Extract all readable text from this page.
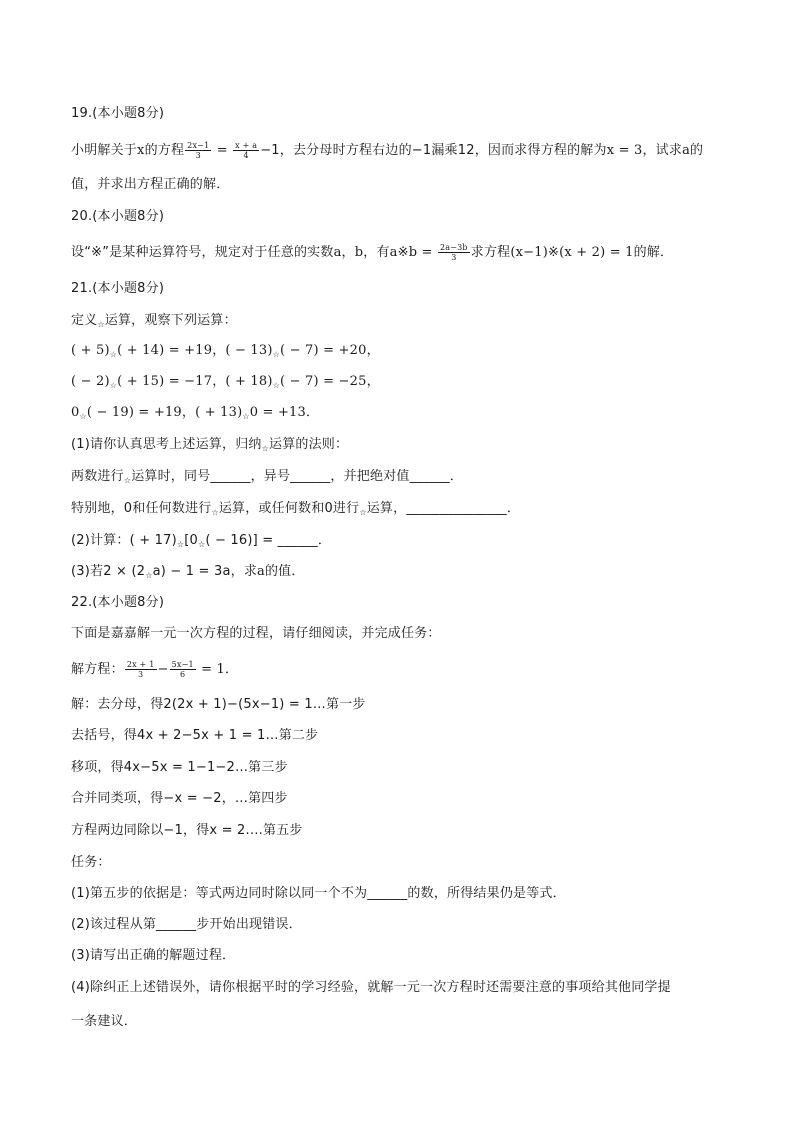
19.(本小题8分)
小明解关于x的方程 $\frac{2x-1}{3} = \frac{x + a}{4} -1$，去分母时方程右边的−1漏乘12，因而求得方程的解为x = 3，试求a的
值，并求出方程正确的解．
20.(本小题8分)
设“※”是某种运算符号，规定对于任意的实数a，b，有a※b = $\frac{2a-3b}{3}$ 求方程(x−1)※(x + 2) = 1的解．
21.(本小题8分)
定义$_☆$运算，观察下列运算：
( + $5)_☆( + 14) = +19$，( − $13)_☆( - 7) = +20$，
( − $2)_☆( + 15) = -17$，( + $18)_☆( - 7) = -25$，
$0_☆( - 19) = +19$，( + $13)_☆0 = +13$．
(1)请你认真思考上述运算，归纳$_☆$运算的法则：
两数进行$_☆$运算时，同号______，异号______，并把绝对值______．
特别地，0和任何数进行$_☆$运算，或任何数和0进行$_☆$运算，_______________．
(2)计算：( + $17)_☆[0_☆( - 16)]$ = ______．
(3)若$2 \times (2_☆a) - 1 = 3a$，求a的值．
22.(本小题8分)
下面是嘉嘉解一元一次方程的过程，请仔细阅读，并完成任务：
解方程： $\frac{2x + 1}{3} - \frac{5x-1}{6} = 1$．
解：去分母，得2(2x + 1)−(5x−1) = 1…第一步
去括号，得4x + 2−5x + 1 = 1…第二步
移项，得4x−5x = 1−1−2…第三步
合并同类项，得−x = −2，…第四步
方程两边同除以−1，得x = 2.…第五步
任务：
(1)第五步的依据是：等式两边同时除以同一个不为______的数，所得结果仍是等式．
(2)该过程从第______步开始出现错误．
(3)请写出正确的解题过程．
(4)除纠正上述错误外，请你根据平时的学习经验，就解一元一次方程时还需要注意的事项给其他同学提
一条建议．
